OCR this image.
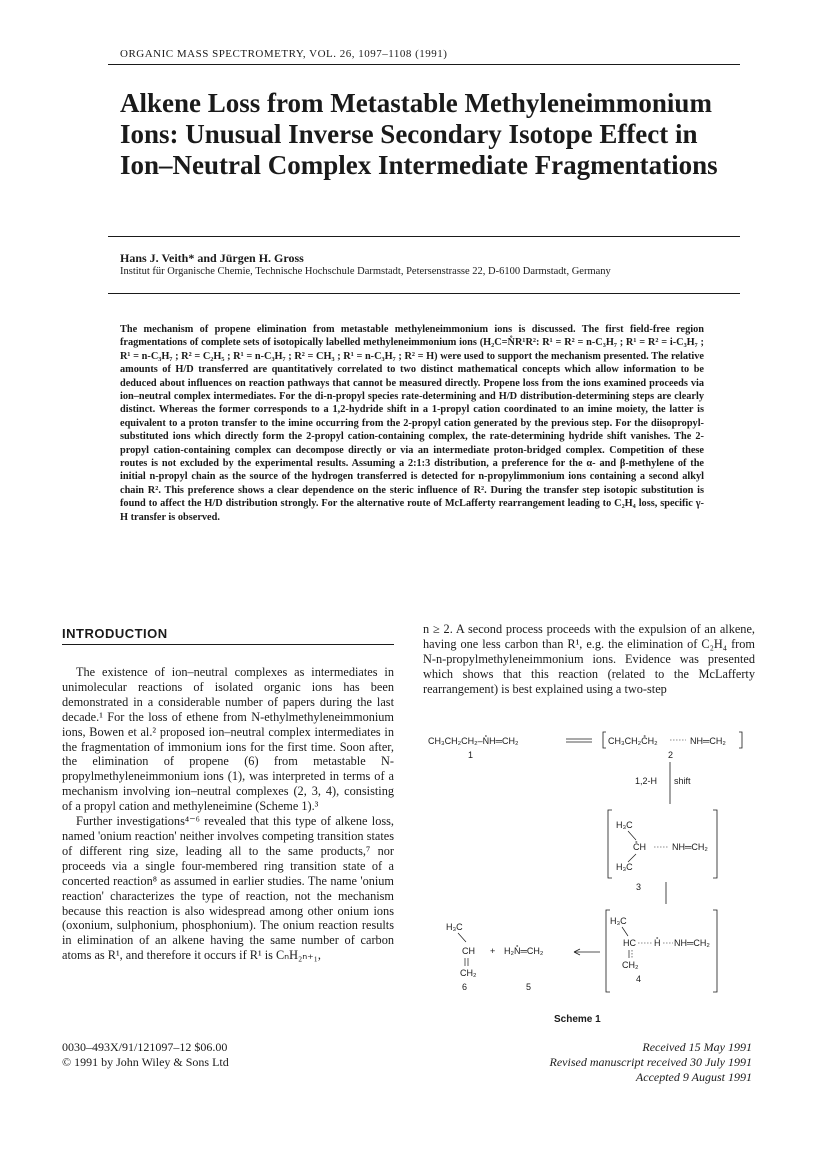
ORGANIC MASS SPECTROMETRY, VOL. 26, 1097–1108 (1991)
Alkene Loss from Metastable Methyleneimmonium Ions: Unusual Inverse Secondary Isotope Effect in Ion–Neutral Complex Intermediate Fragmentations
Hans J. Veith* and Jürgen H. Gross
Institut für Organische Chemie, Technische Hochschule Darmstadt, Petersenstrasse 22, D-6100 Darmstadt, Germany
The mechanism of propene elimination from metastable methyleneimmonium ions is discussed. The first field-free region fragmentations of complete sets of isotopically labelled methyleneimmonium ions (H₂C=N̊R¹R²: R¹ = R² = n-C₃H₇ ; R¹ = R² = i-C₃H₇ ; R¹ = n-C₃H₇ ; R² = C₂H₅ ; R¹ = n-C₃H₇ ; R² = CH₃ ; R¹ = n-C₃H₇ ; R² = H) were used to support the mechanism presented. The relative amounts of H/D transferred are quantitatively correlated to two distinct mathematical concepts which allow information to be deduced about influences on reaction pathways that cannot be measured directly. Propene loss from the ions examined proceeds via ion–neutral complex intermediates. For the di-n-propyl species rate-determining and H/D distribution-determining steps are clearly distinct. Whereas the former corresponds to a 1,2-hydride shift in a 1-propyl cation coordinated to an imine moiety, the latter is equivalent to a proton transfer to the imine occurring from the 2-propyl cation generated by the previous step. For the diisopropyl-substituted ions which directly form the 2-propyl cation-containing complex, the rate-determining hydride shift vanishes. The 2-propyl cation-containing complex can decompose directly or via an intermediate proton-bridged complex. Competition of these routes is not excluded by the experimental results. Assuming a 2:1:3 distribution, a preference for the α- and β-methylene of the initial n-propyl chain as the source of the hydrogen transferred is detected for n-propylimmonium ions containing a second alkyl chain R². This preference shows a clear dependence on the steric influence of R². During the transfer step isotopic substitution is found to affect the H/D distribution strongly. For the alternative route of McLafferty rearrangement leading to C₂H₄ loss, specific γ-H transfer is observed.
INTRODUCTION

The existence of ion–neutral complexes as intermediates in unimolecular reactions of isolated organic ions has been demonstrated in a considerable number of papers during the last decade.¹ For the loss of ethene from N-ethylmethyleneimmonium ions, Bowen et al.² proposed ion–neutral complex intermediates in the fragmentation of immonium ions for the first time. Soon after, the elimination of propene (6) from metastable N-propylmethyleneimmonium ions (1), was interpreted in terms of a mechanism involving ion–neutral complexes (2, 3, 4), consisting of a propyl cation and methyleneimine (Scheme 1).³

Further investigations⁴⁻⁶ revealed that this type of alkene loss, named 'onium reaction' neither involves competing transition states of different ring size, leading all to the same products,⁷ nor proceeds via a single four-membered ring transition state of a concerted reaction⁸ as assumed in earlier studies. The name 'onium reaction' characterizes the type of reaction, not the mechanism because this reaction is also widespread among other onium ions (oxonium, sulphonium, phosphonium). The onium reaction results in elimination of an alkene having the same number of carbon atoms as R¹, and therefore it occurs if R¹ is CₙH₂ₙ₊₁,

n ≥ 2. A second process proceeds with the expulsion of an alkene, having one less carbon than R¹, e.g. the elimination of C₂H₄ from N-n-propylmethyleneimmonium ions. Evidence was presented which shows that this reaction (related to the McLafferty rearrangement) is best explained using a two-step

CH₃CH₂CH₂–N̊H═CH₂
1
CH₃CH₂C̊H₂	NH═CH₂
2
1,2-H shift
H₃C
C̊H	NH═CH₂
H₃C
3
H₃C
HC H̊ NH═CH₂
CH₂
4
H₃C
CH
CH₂
6
+ H₂N̊═CH₂
5
Scheme 1
0030–493X/91/121097–12 $06.00
© 1991 by John Wiley & Sons Ltd
Received 15 May 1991
Revised manuscript received 30 July 1991
Accepted 9 August 1991
